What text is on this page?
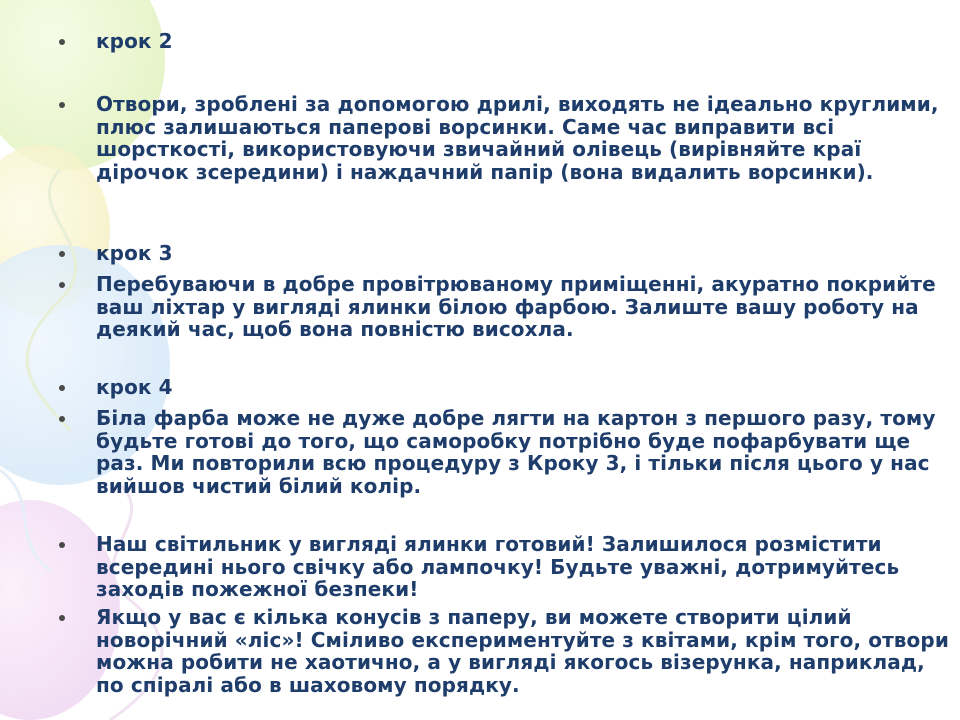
крок 2
Отвори, зроблені за допомогою дрилі, виходять не ідеально круглими, плюс залишаються паперові ворсинки. Саме час виправити всі шорсткості, використовуючи звичайний олівець (вирівняйте краї дірочок зсередини) і наждачний папір (вона видалить ворсинки).
крок 3
Перебуваючи в добре провітрюваному приміщенні, акуратно покрийте ваш ліхтар у вигляді ялинки білою фарбою. Залиште вашу роботу на деякий час, щоб вона повністю висохла.
крок 4
Біла фарба може не дуже добре лягти на картон з першого разу, тому будьте готові до того, що саморобку потрібно буде пофарбувати ще раз. Ми повторили всю процедуру з Кроку 3, і тільки після цього у нас вийшов чистий білий колір.
Наш світильник у вигляді ялинки готовий! Залишилося розмістити всередині нього свічку або лампочку! Будьте уважні, дотримуйтесь заходів пожежної безпеки!
Якщо у вас є кілька конусів з паперу, ви можете створити цілий новорічний «ліс»! Сміливо експериментуйте з квітами, крім того, отвори можна робити не хаотично, а у вигляді якогось візерунка, наприклад, по спіралі або в шаховому порядку.
